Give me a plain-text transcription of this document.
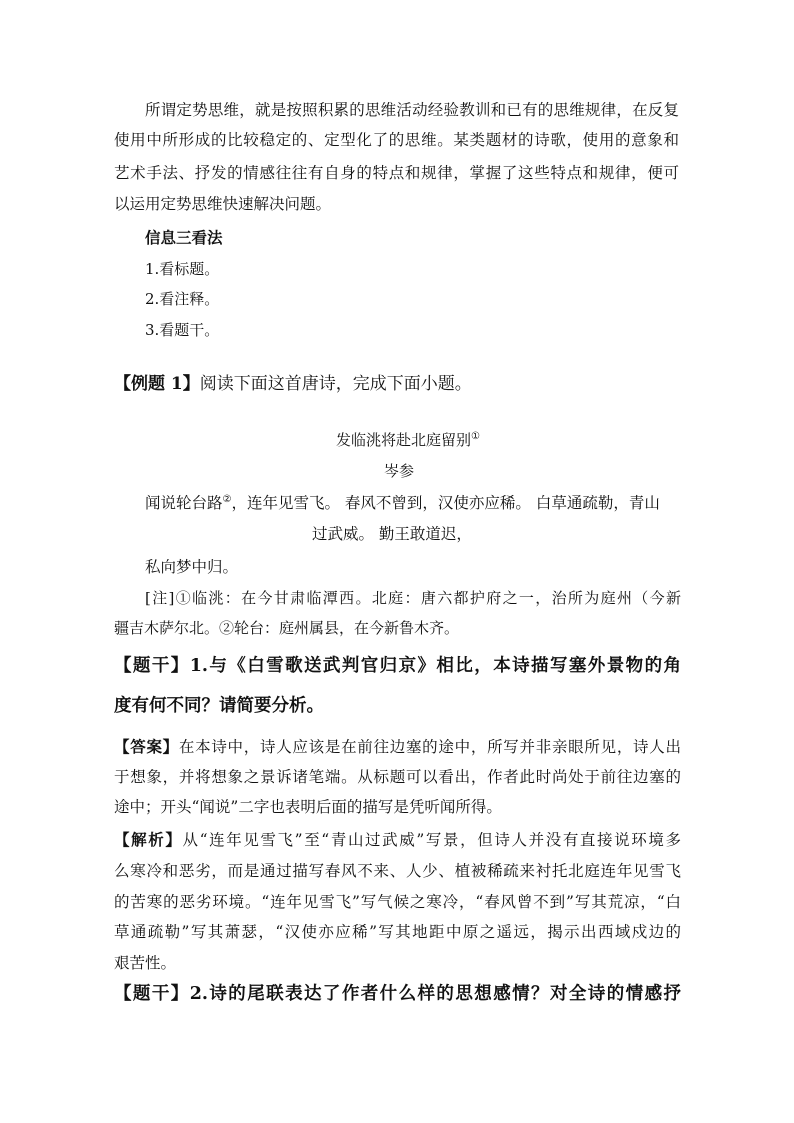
所谓定势思维，就是按照积累的思维活动经验教训和已有的思维规律，在反复
使用中所形成的比较稳定的、定型化了的思维。某类题材的诗歌，使用的意象和
艺术手法、抒发的情感往往有自身的特点和规律，掌握了这些特点和规律，便可
以运用定势思维快速解决问题。
信息三看法
1.看标题。
2.看注释。
3.看题干。
【例题 1】阅读下面这首唐诗，完成下面小题。
发临洮将赴北庭留别①
岑参
闻说轮台路②，连年见雪飞。 春风不曾到，汉使亦应稀。 白草通疏勒，青山
过武威。 勤王敢道迟，
私向梦中归。
[注]①临洮：在今甘肃临潭西。北庭：唐六都护府之一，治所为庭州（今新
疆吉木萨尔北。②轮台：庭州属县，在今新鲁木齐。
【题干】1.与《白雪歌送武判官归京》相比，本诗描写塞外景物的角
度有何不同？请简要分析。
【答案】在本诗中，诗人应该是在前往边塞的途中，所写并非亲眼所见，诗人出
于想象，并将想象之景诉诸笔端。从标题可以看出，作者此时尚处于前往边塞的
途中；开头“闻说”二字也表明后面的描写是凭听闻所得。
【解析】从“连年见雪飞”至“青山过武威”写景，但诗人并没有直接说环境多
么寒冷和恶劣，而是通过描写春风不来、人少、植被稀疏来衬托北庭连年见雪飞
的苦寒的恶劣环境。“连年见雪飞”写气候之寒冷，“春风曾不到”写其荒凉，“白
草通疏勒”写其萧瑟，“汉使亦应稀”写其地距中原之遥远，揭示出西域戍边的
艰苦性。
【题干】2.诗的尾联表达了作者什么样的思想感情？对全诗的情感抒
